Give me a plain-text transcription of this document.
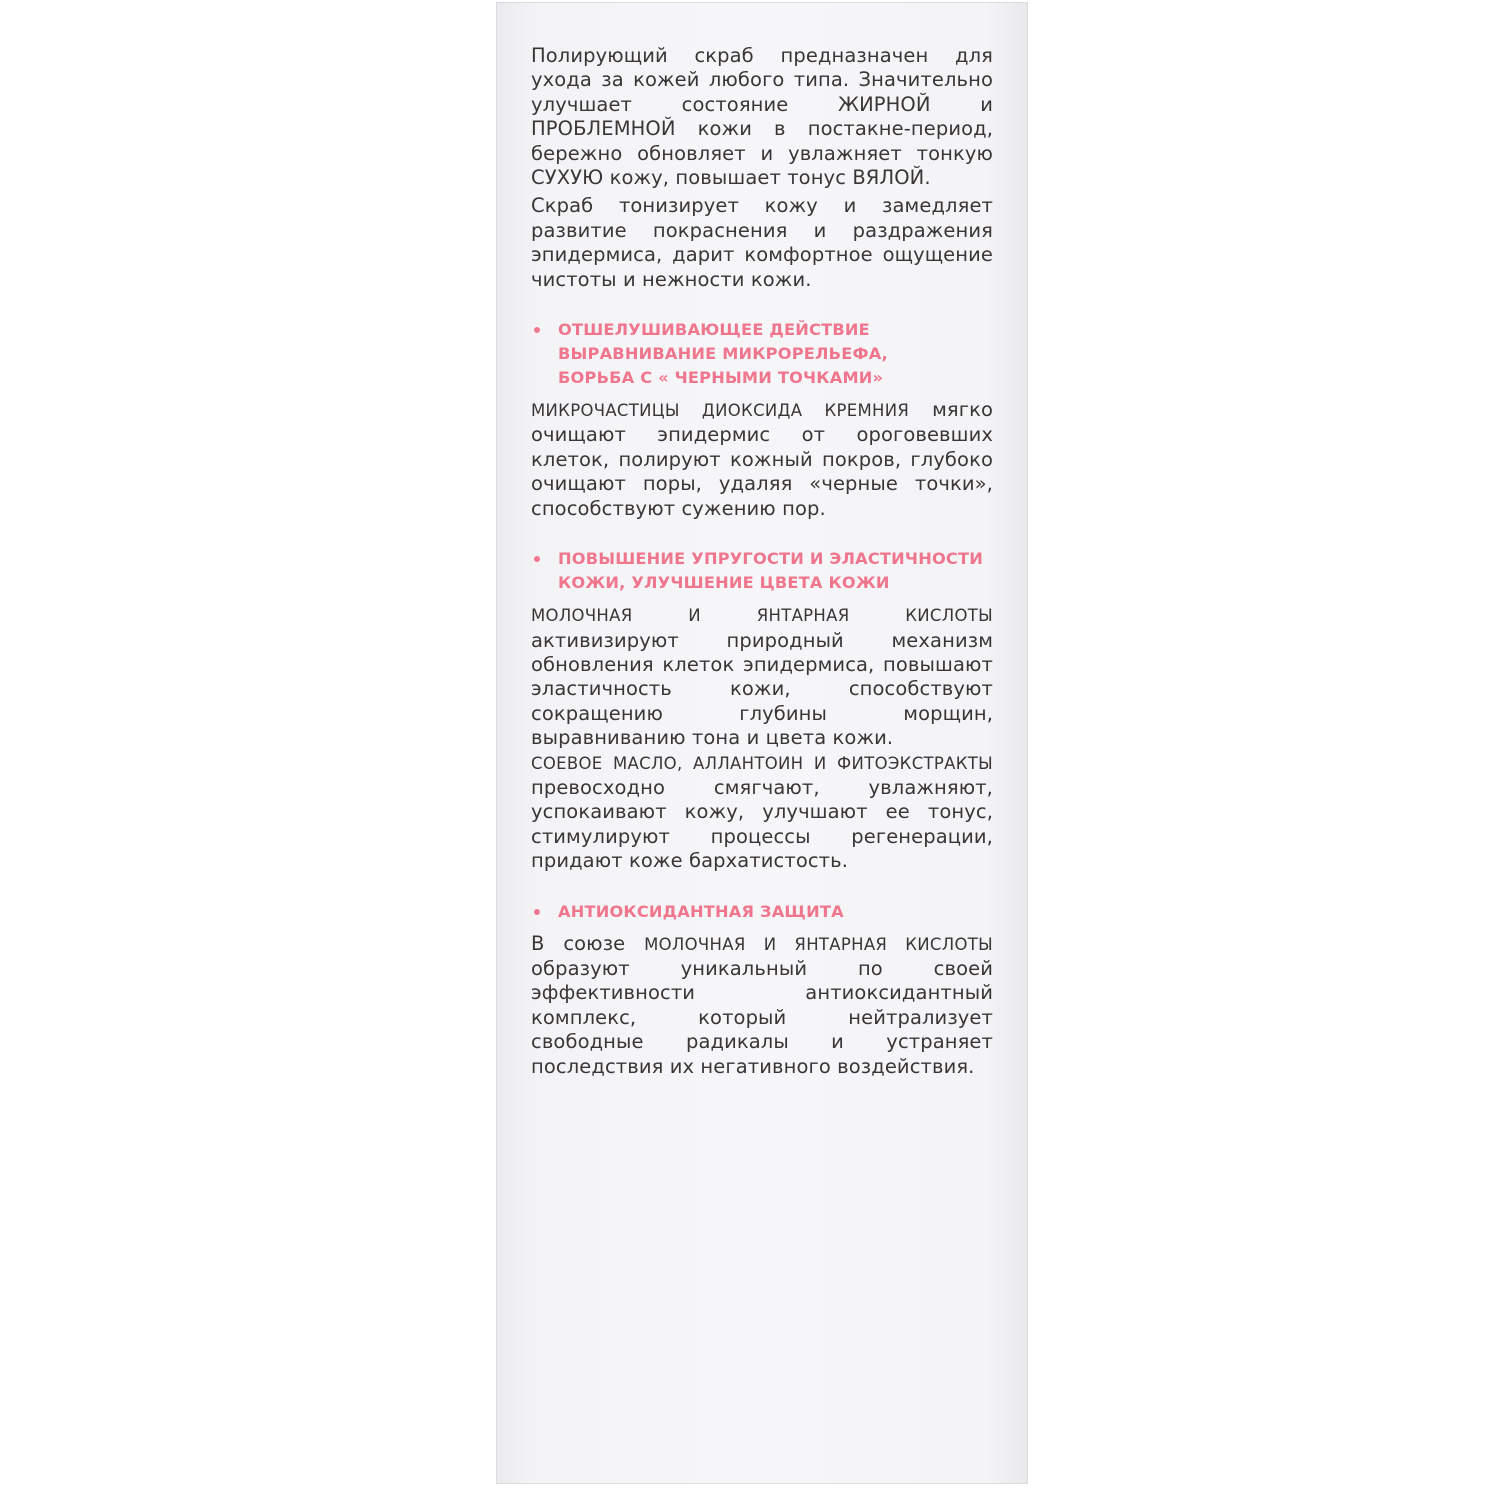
Полирующий скраб предназначен для ухода за кожей любого типа. Значительно улучшает состояние ЖИРНОЙ и ПРОБЛЕМНОЙ кожи в постакне-период, бережно обновляет и увлажняет тонкую СУХУЮ кожу, повышает тонус ВЯЛОЙ.

Скраб тонизирует кожу и замедляет развитие покраснения и раздражения эпидермиса, дарит комфортное ощущение чистоты и нежности кожи.

ОТШЕЛУШИВАЮЩЕЕ ДЕЙСТВИЕ
ВЫРАВНИВАНИЕ МИКРОРЕЛЬЕФА,
БОРЬБА С « ЧЕРНЫМИ ТОЧКАМИ»

МИКРОЧАСТИЦЫ ДИОКСИДА КРЕМНИЯ мягко очищают эпидермис от ороговевших клеток, полируют кожный покров, глубоко очищают поры, удаляя «черные точки», способствуют сужению пор.

ПОВЫШЕНИЕ УПРУГОСТИ И ЭЛАСТИЧНОСТИ
КОЖИ, УЛУЧШЕНИЕ ЦВЕТА КОЖИ

МОЛОЧНАЯ И ЯНТАРНАЯ КИСЛОТЫ активизируют природный механизм обновления клеток эпидермиса, повышают эластичность кожи, способствуют сокращению глубины морщин, выравниванию тона и цвета кожи.

СОЕВОЕ МАСЛО, АЛЛАНТОИН И ФИТОЭКСТРАКТЫ превосходно смягчают, увлажняют, успокаивают кожу, улучшают ее тонус, стимулируют процессы регенерации, придают коже бархатистость.

АНТИОКСИДАНТНАЯ ЗАЩИТА

В союзе МОЛОЧНАЯ И ЯНТАРНАЯ КИСЛОТЫ образуют уникальный по своей эффективности антиоксидантный комплекс, который нейтрализует свободные радикалы и устраняет последствия их негативного воздействия.
